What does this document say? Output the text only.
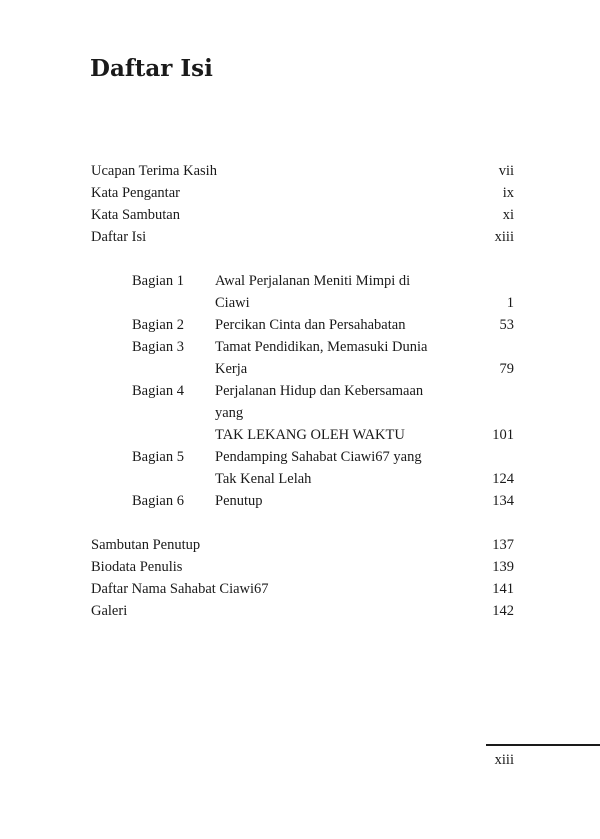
Daftar Isi
Ucapan Terima Kasih	vii
Kata Pengantar	ix
Kata Sambutan	xi
Daftar Isi	xiii
Bagian 1 Awal Perjalanan Meniti Mimpi di
Ciawi	1
Bagian 2 Percikan Cinta dan Persahabatan	53
Bagian 3 Tamat Pendidikan, Memasuki Dunia
Kerja	79
Bagian 4 Perjalanan Hidup dan Kebersamaan
yang
TAK LEKANG OLEH WAKTU	101
Bagian 5 Pendamping Sahabat Ciawi67 yang
Tak Kenal Lelah	124
Bagian 6 Penutup	134
Sambutan Penutup	137
Biodata Penulis	139
Daftar Nama Sahabat Ciawi67	141
Galeri	142
xiii
